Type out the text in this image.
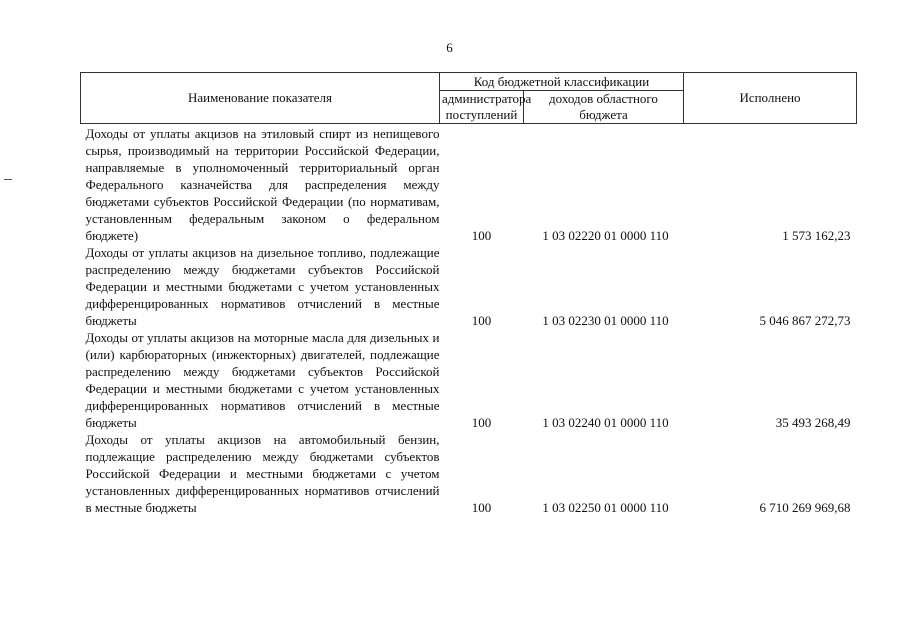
6
Наименование показателя	Код бюджетной классификации		Исполнено
	администратора поступлений	доходов областного бюджета	
Доходы от уплаты акцизов на этиловый спирт из непищевого сырья, производимый на территории Российской Федерации, направляемые в уполномоченный территориальный орган Федерального казначейства для распределения между бюджетами субъектов Российской Федерации (по нормативам, установленным федеральным законом о федеральном бюджете)	100	1 03 02220 01 0000 110	1 573 162,23
Доходы от уплаты акцизов на дизельное топливо, подлежащие распределению между бюджетами субъектов Российской Федерации и местными бюджетами с учетом установленных дифференцированных нормативов отчислений в местные бюджеты	100	1 03 02230 01 0000 110	5 046 867 272,73
Доходы от уплаты акцизов на моторные масла для дизельных и (или) карбюраторных (инжекторных) двигателей, подлежащие распределению между бюджетами субъектов Российской Федерации и местными бюджетами с учетом установленных дифференцированных нормативов отчислений в местные бюджеты	100	1 03 02240 01 0000 110	35 493 268,49
Доходы от уплаты акцизов на автомобильный бензин, подлежащие распределению между бюджетами субъектов Российской Федерации и местными бюджетами с учетом установленных дифференцированных нормативов отчислений в местные бюджеты	100	1 03 02250 01 0000 110	6 710 269 969,68
